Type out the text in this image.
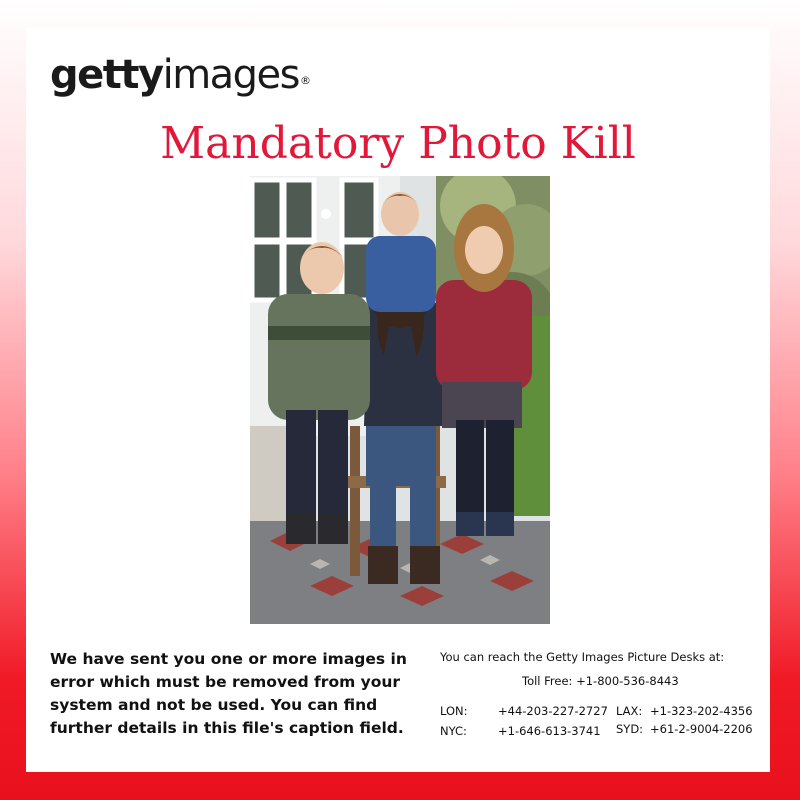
gettyimages®
Mandatory Photo Kill
We have sent you one or more images in error which must be removed from your system and not be used. You can find further details in this file's caption field.
You can reach the Getty Images Picture Desks at:
Toll Free: +1-800-536-8443
LON:	+44-203-227-2727 LAX: +1-323-202-4356
NYC:	+1-646-613-3741 SYD: +61-2-9004-2206
